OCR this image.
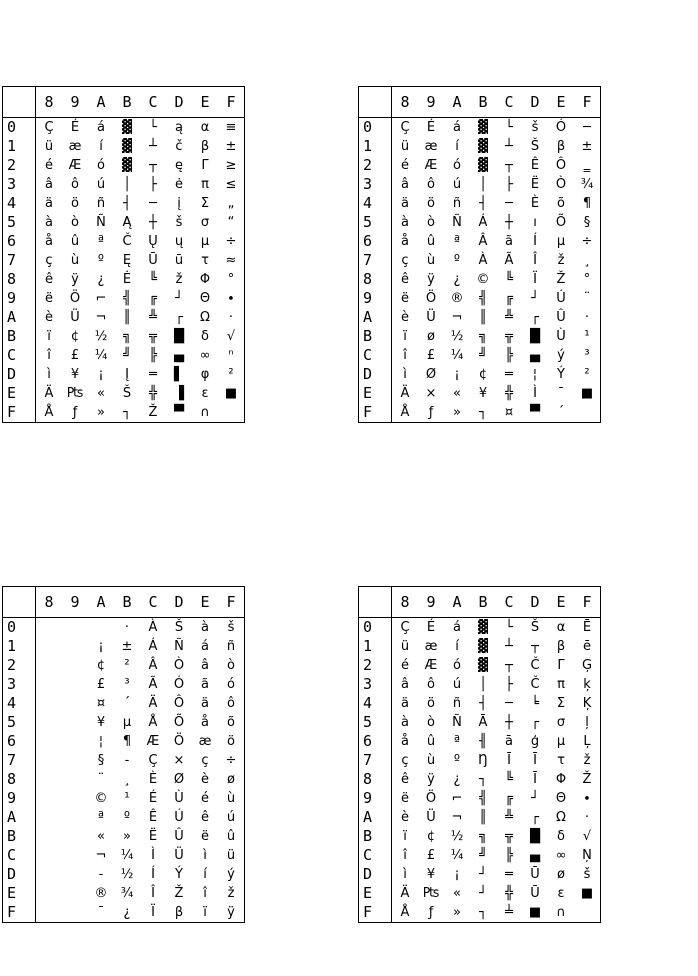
	8	9	A	B	C	D	E	F
0	Ç	É	á	▓	└	ą	α	≡
1	ü	æ	í	▓	┴	č	β	±
2	é	Æ	ó	▓	┬	ę	Γ	≥
3	â	ô	ú	│	├	ė	π	≤
4	ä	ö	ñ	┤	─	į	Σ	„
5	à	ò	Ñ	Ą	┼	š	σ	“
6	å	û	ª	Č	Ų	ų	µ	÷
7	ç	ù	º	Ę	Ū	ū	τ	≈
8	ê	ÿ	¿	Ė	╚	ž	Φ	°
9	ë	Ö	⌐	╣	╔	┘	Θ	∙
A	è	Ü	¬	║	╩	┌	Ω	·
B	ï	¢	½	╗	╦	█	δ	√
C	î	£	¼	╝	╠	▄	∞	ⁿ
D	ì	¥	¡	Į	═	▌	φ	²
E	Ä	₧	«	Š	╬	▐	ε	■
F	Å	ƒ	»	┐	Ž	▀	∩	
	8	9	A	B	C	D	E	F
0	Ç	É	á	▓	└	š	Ó	─
1	ü	æ	í	▓	┴	Š	β	±
2	é	Æ	ó	▓	┬	Ê	Ô	‗
3	â	ô	ú	│	├	Ë	Ò	¾
4	ä	ö	ñ	┤	─	È	õ	¶
5	à	ò	Ñ	Á	┼	ı	Õ	§
6	å	û	ª	Â	ã	Í	µ	÷
7	ç	ù	º	À	Ã	Î	ž	¸
8	ê	ÿ	¿	©	╚	Ï	Ž	°
9	ë	Ö	®	╣	╔	┘	Ú	¨
A	è	Ü	¬	║	╩	┌	Û	·
B	ï	ø	½	╗	╦	█	Ù	¹
C	î	£	¼	╝	╠	▄	ý	³
D	ì	Ø	¡	¢	═	¦	Ý	²
E	Ä	×	«	¥	╬	Ì	¯	■
F	Å	ƒ	»	┐	¤	▀	´	
	8	9	A	B	C	D	E	F
0				·	À	Š	à	š
1			¡	±	Á	Ñ	á	ñ
2			¢	²	Â	Ò	â	ò
3			£	³	Ã	Ó	ã	ó
4			¤	´	Ä	Ô	ä	ô
5			¥	µ	Å	Õ	å	õ
6			¦	¶	Æ	Ö	æ	ö
7			§	-	Ç	×	ç	÷
8			¨	¸	È	Ø	è	ø
9			©	¹	É	Ù	é	ù
A			ª	º	Ê	Ú	ê	ú
B			«	»	Ë	Û	ë	û
C			¬	¼	Ì	Ü	ì	ü
D			-	½	Í	Ý	í	ý
E			®	¾	Î	Ž	î	ž
F			¯	¿	Ï	β	ï	ÿ
	8	9	A	B	C	D	E	F
0	Ç	É	á	▓	└	Š	α	Ē
1	ü	æ	í	▓	┴	┬	β	ē
2	é	Æ	ó	▓	┬	Č	Γ	Ģ
3	â	ô	ú	│	├	Č	π	ķ
4	ä	ö	ñ	┤	─	╘	Σ	Ķ
5	à	ò	Ñ	Ā	┼	┌	σ	ļ
6	å	û	ª	╢	ā	ģ	µ	Ļ
7	ç	ù	º	Ŋ	Ī	Ī	τ	ž
8	ê	ÿ	¿	┐	╚	Ī	Φ	Ž
9	ë	Ö	⌐	╣	╔	┘	Θ	∙
A	è	Ü	¬	║	╩	┌	Ω	·
B	ï	¢	½	╗	╦	█	δ	√
C	î	£	¼	╝	╠	▄	∞	Ņ
D	ì	¥	¡	┘	═	Ū	ø	š
E	Ä	₧	«	┘	╬	Ū	ε	■
F	Å	ƒ	»	┐	╧	■	∩	
